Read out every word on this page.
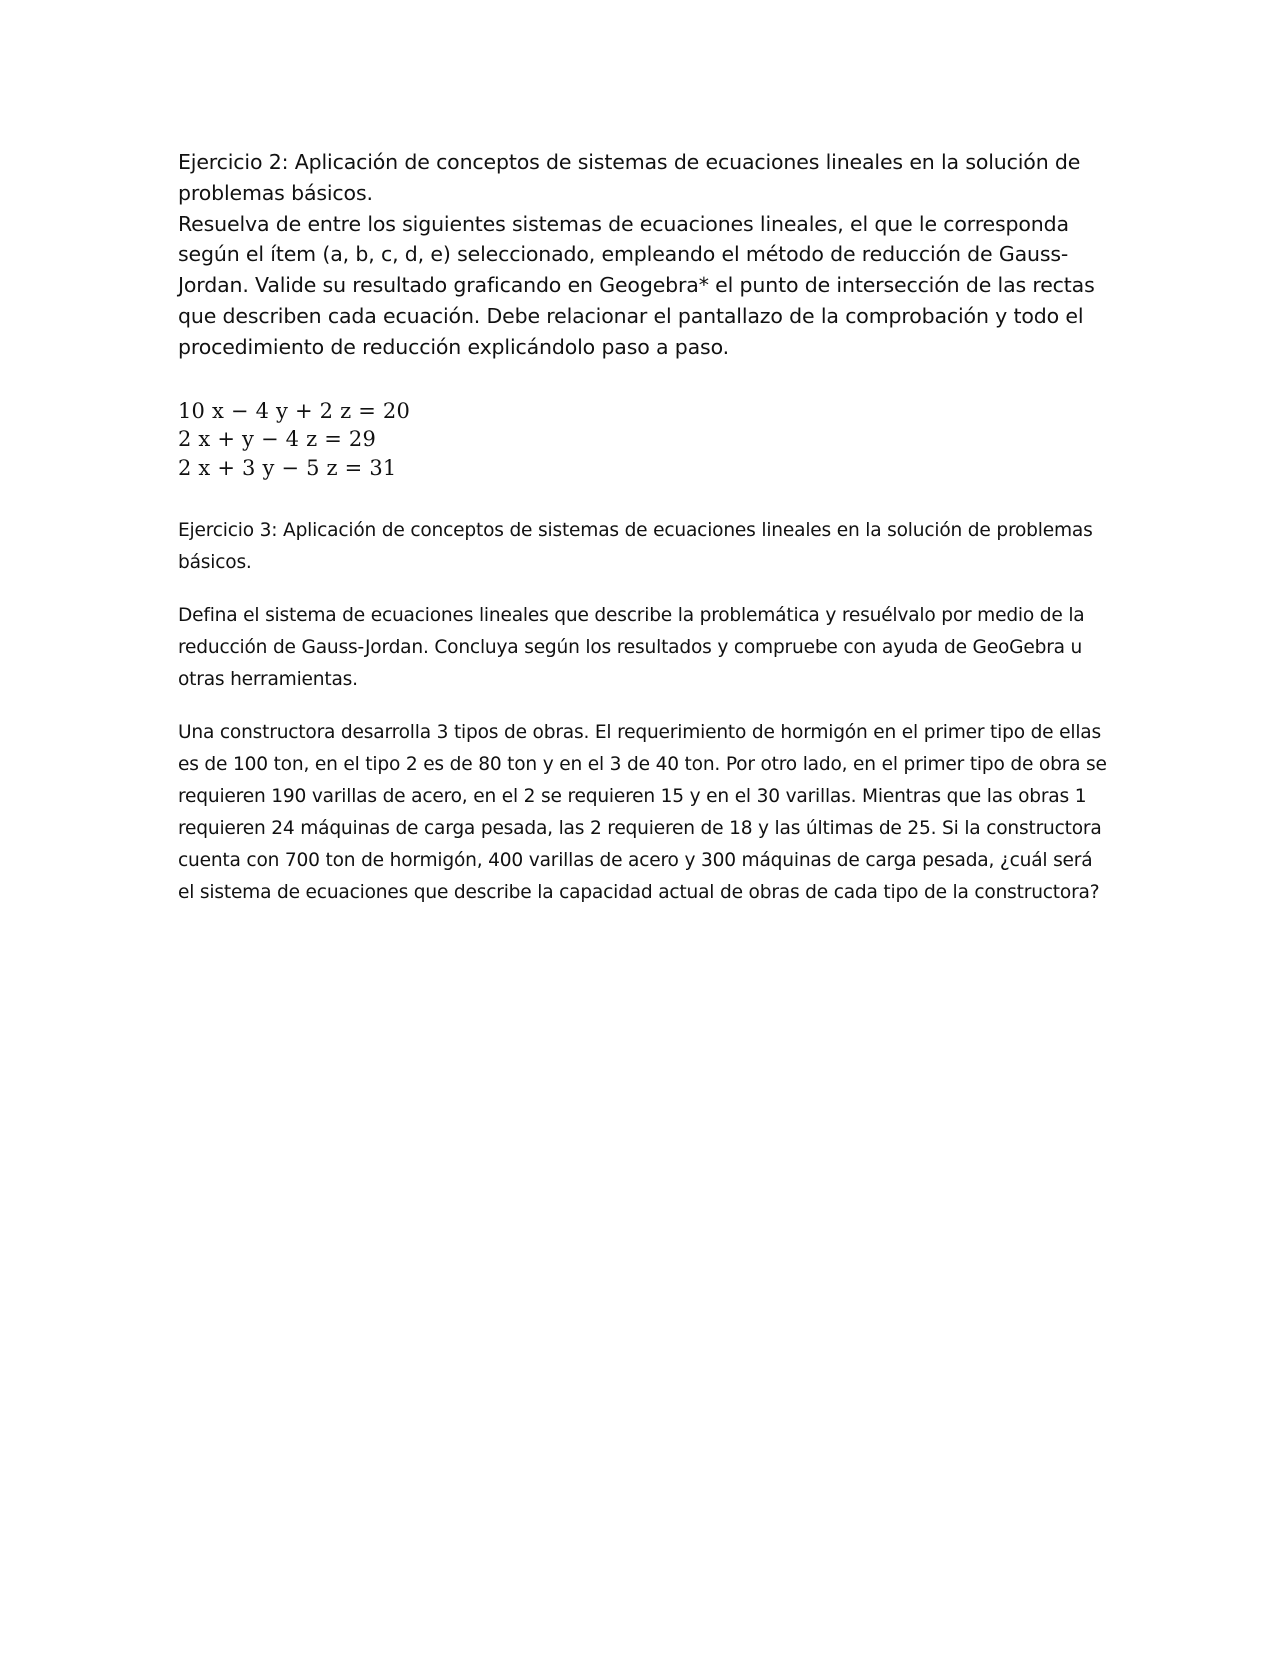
Ejercicio 2: Aplicación de conceptos de sistemas de ecuaciones lineales en la solución de problemas básicos.

Resuelva de entre los siguientes sistemas de ecuaciones lineales, el que le corresponda según el ítem (a, b, c, d, e) seleccionado, empleando el método de reducción de Gauss-Jordan. Valide su resultado graficando en Geogebra* el punto de intersección de las rectas que describen cada ecuación. Debe relacionar el pantallazo de la comprobación y todo el procedimiento de reducción explicándolo paso a paso.

10 x − 4 y + 2 z = 20
2 x + y − 4 z = 29
2 x + 3 y − 5 z = 31

Ejercicio 3: Aplicación de conceptos de sistemas de ecuaciones lineales en la solución de problemas básicos.

Defina el sistema de ecuaciones lineales que describe la problemática y resuélvalo por medio de la reducción de Gauss-Jordan. Concluya según los resultados y compruebe con ayuda de GeoGebra u otras herramientas.

Una constructora desarrolla 3 tipos de obras. El requerimiento de hormigón en el primer tipo de ellas es de 100 ton, en el tipo 2 es de 80 ton y en el 3 de 40 ton. Por otro lado, en el primer tipo de obra se requieren 190 varillas de acero, en el 2 se requieren 15 y en el 30 varillas. Mientras que las obras 1 requieren 24 máquinas de carga pesada, las 2 requieren de 18 y las últimas de 25. Si la constructora cuenta con 700 ton de hormigón, 400 varillas de acero y 300 máquinas de carga pesada, ¿cuál será el sistema de ecuaciones que describe la capacidad actual de obras de cada tipo de la constructora?
